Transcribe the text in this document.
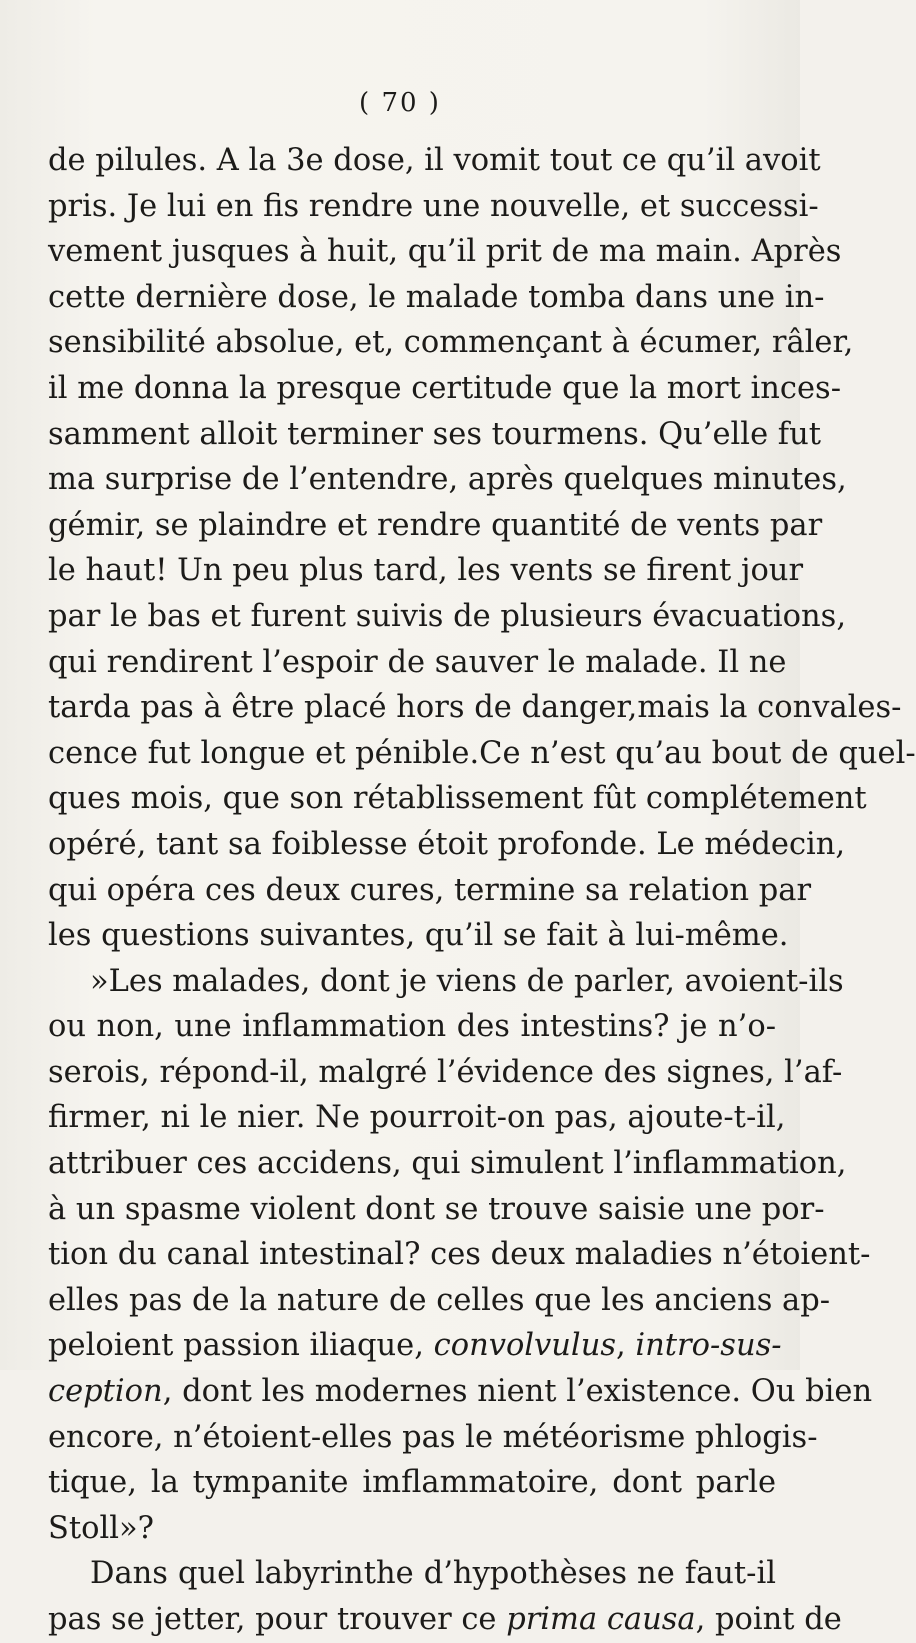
( 70 )
de pilules. A la 3e dose, il vomit tout ce qu’il avoit
pris. Je lui en fis rendre une nouvelle, et successi-
vement jusques à huit, qu’il prit de ma main. Après
cette dernière dose, le malade tomba dans une in-
sensibilité absolue, et, commençant à écumer, râler,
il me donna la presque certitude que la mort inces-
samment alloit terminer ses tourmens. Qu’elle fut
ma surprise de l’entendre, après quelques minutes,
gémir, se plaindre et rendre quantité de vents par
le haut! Un peu plus tard, les vents se firent jour
par le bas et furent suivis de plusieurs évacuations,
qui rendirent l’espoir de sauver le malade. Il ne
tarda pas à être placé hors de danger,mais la convales-
cence fut longue et pénible.Ce n’est qu’au bout de quel-
ques mois, que son rétablissement fût complétement
opéré, tant sa foiblesse étoit profonde. Le médecin,
qui opéra ces deux cures, termine sa relation par
les questions suivantes, qu’il se fait à lui-même.
»Les malades, dont je viens de parler, avoient-ils
ou non, une inflammation des intestins? je n’o-
serois, répond-il, malgré l’évidence des signes, l’af-
firmer, ni le nier. Ne pourroit-on pas, ajoute-t-il,
attribuer ces accidens, qui simulent l’inflammation,
à un spasme violent dont se trouve saisie une por-
tion du canal intestinal? ces deux maladies n’étoient-
elles pas de la nature de celles que les anciens ap-
peloient passion iliaque, convolvulus, intro-sus-
ception, dont les modernes nient l’existence. Ou bien
encore, n’étoient-elles pas le météorisme phlogis-
tique, la tympanite imflammatoire, dont parle
Stoll»?
Dans quel labyrinthe d’hypothèses ne faut-il
pas se jetter, pour trouver ce prima causa, point de
